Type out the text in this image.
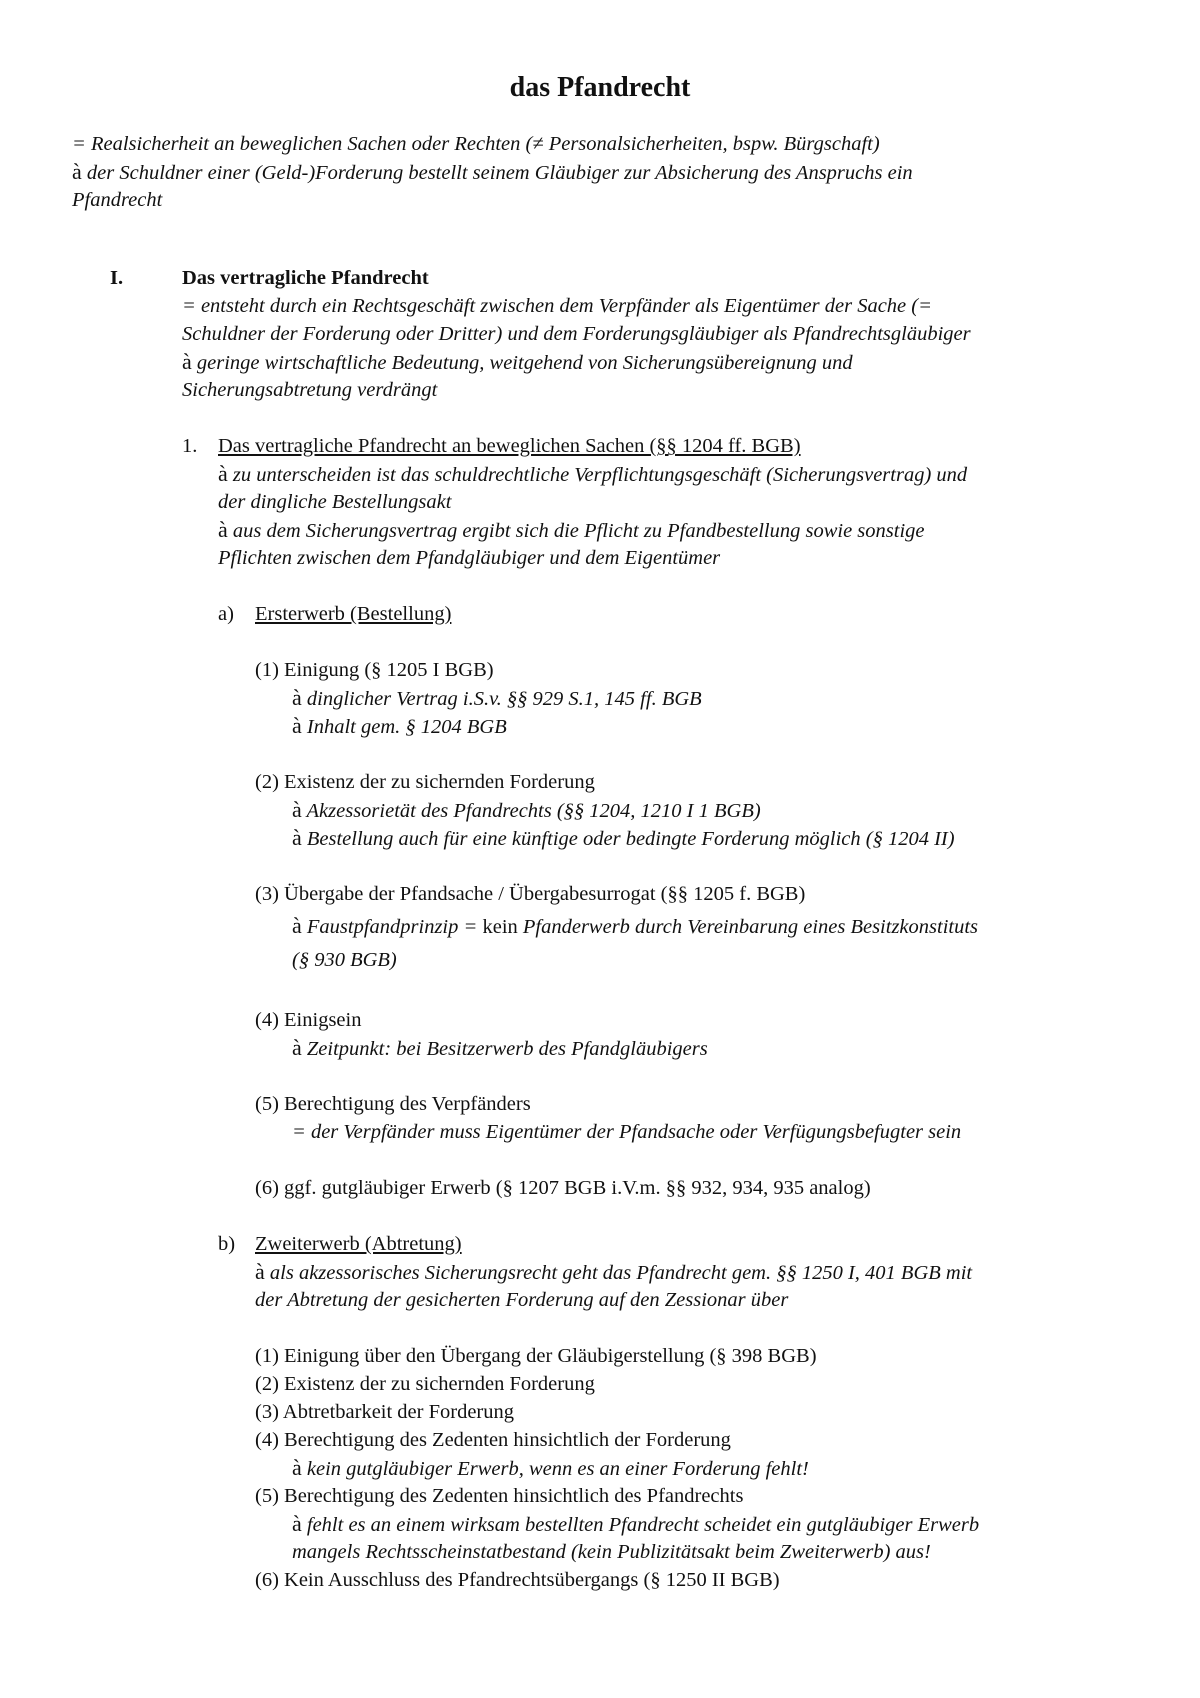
das Pfandrecht
= Realsicherheit an beweglichen Sachen oder Rechten (≠ Personalsicherheiten, bspw. Bürgschaft)
à der Schuldner einer (Geld-)Forderung bestellt seinem Gläubiger zur Absicherung des Anspruchs ein
Pfandrecht
I.	Das vertragliche Pfandrecht
= entsteht durch ein Rechtsgeschäft zwischen dem Verpfänder als Eigentümer der Sache (=
Schuldner der Forderung oder Dritter) und dem Forderungsgläubiger als Pfandrechtsgläubiger
à geringe wirtschaftliche Bedeutung, weitgehend von Sicherungsübereignung und
Sicherungsabtretung verdrängt
1. Das vertragliche Pfandrecht an beweglichen Sachen (§§ 1204 ff. BGB)
à zu unterscheiden ist das schuldrechtliche Verpflichtungsgeschäft (Sicherungsvertrag) und
der dingliche Bestellungsakt
à aus dem Sicherungsvertrag ergibt sich die Pflicht zu Pfandbestellung sowie sonstige
Pflichten zwischen dem Pfandgläubiger und dem Eigentümer
a) Ersterwerb (Bestellung)
(1) Einigung (§ 1205 I BGB)
à dinglicher Vertrag i.S.v. §§ 929 S.1, 145 ff. BGB
à Inhalt gem. § 1204 BGB
(2) Existenz der zu sichernden Forderung
à Akzessorietät des Pfandrechts (§§ 1204, 1210 I 1 BGB)
à Bestellung auch für eine künftige oder bedingte Forderung möglich (§ 1204 II)
(3) Übergabe der Pfandsache / Übergabesurrogat (§§ 1205 f. BGB)
à Faustpfandprinzip = kein Pfanderwerb durch Vereinbarung eines Besitzkonstituts
(§ 930 BGB)
(4) Einigsein
à Zeitpunkt: bei Besitzerwerb des Pfandgläubigers
(5) Berechtigung des Verpfänders
= der Verpfänder muss Eigentümer der Pfandsache oder Verfügungsbefugter sein
(6) ggf. gutgläubiger Erwerb (§ 1207 BGB i.V.m. §§ 932, 934, 935 analog)
b) Zweiterwerb (Abtretung)
à als akzessorisches Sicherungsrecht geht das Pfandrecht gem. §§ 1250 I, 401 BGB mit
der Abtretung der gesicherten Forderung auf den Zessionar über
(1) Einigung über den Übergang der Gläubigerstellung (§ 398 BGB)
(2) Existenz der zu sichernden Forderung
(3) Abtretbarkeit der Forderung
(4) Berechtigung des Zedenten hinsichtlich der Forderung
à kein gutgläubiger Erwerb, wenn es an einer Forderung fehlt!
(5) Berechtigung des Zedenten hinsichtlich des Pfandrechts
à fehlt es an einem wirksam bestellten Pfandrecht scheidet ein gutgläubiger Erwerb
mangels Rechtsscheinstatbestand (kein Publizitätsakt beim Zweiterwerb) aus!
(6) Kein Ausschluss des Pfandrechtsübergangs (§ 1250 II BGB)
